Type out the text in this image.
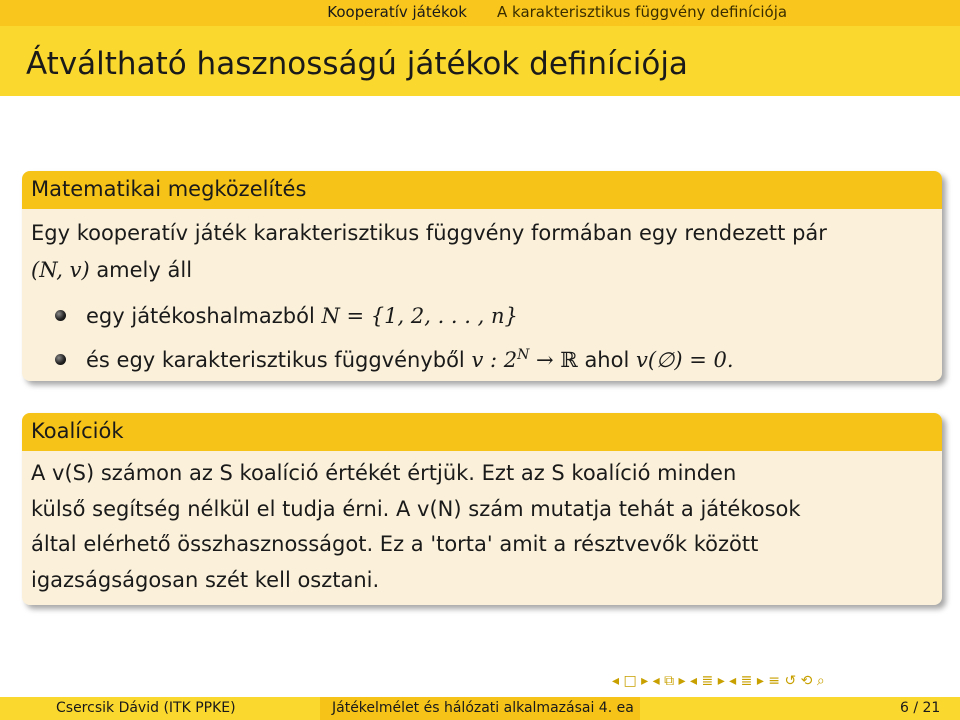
Kooperatív játékok A karakterisztikus függvény definíciója
Átváltható hasznosságú játékok definíciója
Matematikai megközelítés
Egy kooperatív játék karakterisztikus függvény formában egy rendezett pár
(N, v) amely áll
egy játékoshalmazból N = {1, 2, . . . , n}
és egy karakterisztikus függvényből v : $2^N$ → ℝ ahol v(∅) = 0.
Koalíciók
A v(S) számon az S koalíció értékét értjük. Ezt az S koalíció minden
külső segítség nélkül el tudja érni. A v(N) szám mutatja tehát a játékosok
által elérhető összhasznosságot. Ez a 'torta' amit a résztvevők között
igazságságosan szét kell osztani.
◂ □ ▸ ◂ ⧉ ▸ ◂ ≣ ▸ ◂ ≣ ▸ ≡ ↺ ⟲ ⌕
Csercsik Dávid (ITK PPKE)	Játékelmélet és hálózati alkalmazásai 4. ea	6 / 21
